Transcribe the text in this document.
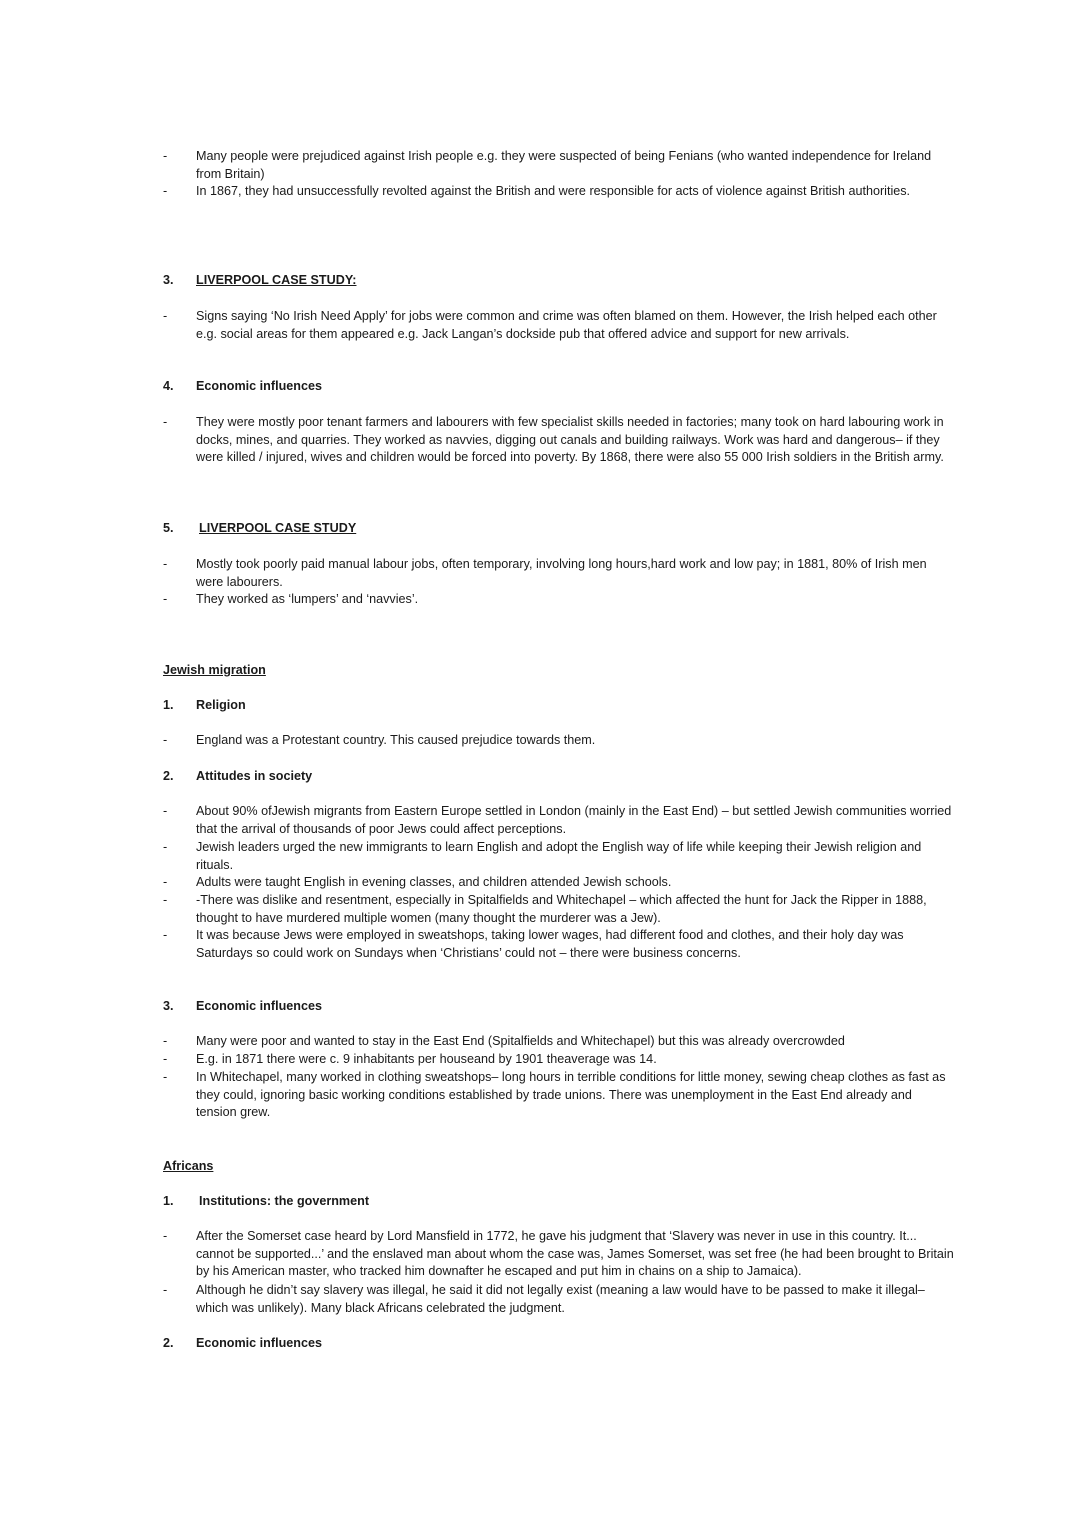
-	Many people were prejudiced against Irish people e.g. they were suspected of being Fenians (who wanted independence for Ireland from Britain)
-	In 1867, they had unsuccessfully revolted against the British and were responsible for acts of violence against British authorities.
3.	LIVERPOOL CASE STUDY:
-	Signs saying ‘No Irish Need Apply’ for jobs were common and crime was often blamed on them. However, the Irish helped each other e.g. social areas for them appeared e.g. Jack Langan’s dockside pub that offered advice and support for new arrivals.
4.	Economic influences
-	They were mostly poor tenant farmers and labourers with few specialist skills needed in factories; many took on hard labouring work in docks, mines, and quarries. They worked as navvies, digging out canals and building railways. Work was hard and dangerous– if they were killed / injured, wives and children would be forced into poverty. By 1868, there were also 55 000 Irish soldiers in the British army.
5.	LIVERPOOL CASE STUDY
-	Mostly took poorly paid manual labour jobs, often temporary, involving long hours,hard work and low pay; in 1881, 80% of Irish men were labourers.
-	They worked as ‘lumpers’ and ‘navvies’.
Jewish migration
1.	Religion
-	England was a Protestant country. This caused prejudice towards them.
2.	Attitudes in society
-	About 90% ofJewish migrants from Eastern Europe settled in London (mainly in the East End) – but settled Jewish communities worried that the arrival of thousands of poor Jews could affect perceptions.
-	Jewish leaders urged the new immigrants to learn English and adopt the English way of life while keeping their Jewish religion and rituals.
-	Adults were taught English in evening classes, and children attended Jewish schools.
-	-There was dislike and resentment, especially in Spitalfields and Whitechapel – which affected the hunt for Jack the Ripper in 1888, thought to have murdered multiple women (many thought the murderer was a Jew).
-	It was because Jews were employed in sweatshops, taking lower wages, had different food and clothes, and their holy day was Saturdays so could work on Sundays when ‘Christians’ could not – there were business concerns.
3.	Economic influences
-	Many were poor and wanted to stay in the East End (Spitalfields and Whitechapel) but this was already overcrowded
-	E.g. in 1871 there were c. 9 inhabitants per houseand by 1901 theaverage was 14.
-	In Whitechapel, many worked in clothing sweatshops– long hours in terrible conditions for little money, sewing cheap clothes as fast as they could, ignoring basic working conditions established by trade unions. There was unemployment in the East End already and tension grew.
Africans
1.	Institutions: the government
-	After the Somerset case heard by Lord Mansfield in 1772, he gave his judgment that ‘Slavery was never in use in this country. It... cannot be supported...’ and the enslaved man about whom the case was, James Somerset, was set free (he had been brought to Britain by his American master, who tracked him downafter he escaped and put him in chains on a ship to Jamaica).
-	Although he didn’t say slavery was illegal, he said it did not legally exist (meaning a law would have to be passed to make it illegal– which was unlikely). Many black Africans celebrated the judgment.
2.	Economic influences
